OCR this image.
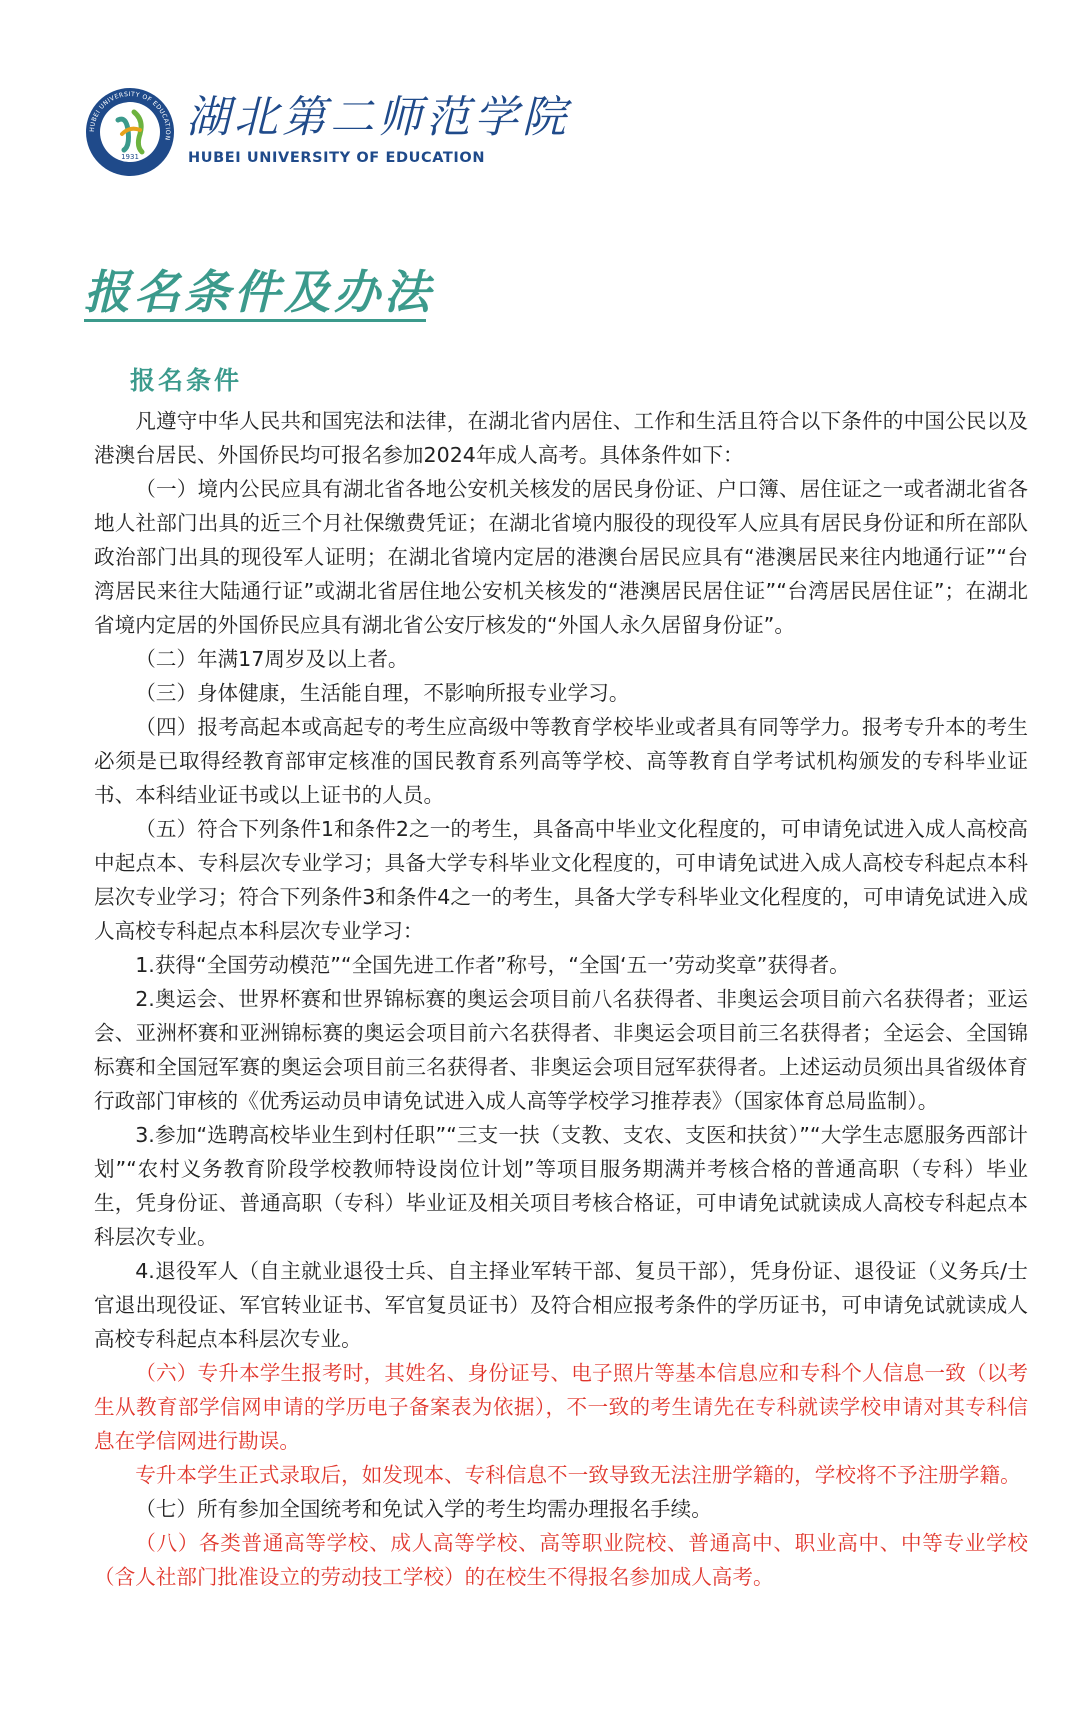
HUBEI UNIVERSITY OF EDUCATION
1931
湖北第二师范学院
HUBEI UNIVERSITY OF EDUCATION
报名条件及办法
报名条件

凡遵守中华人民共和国宪法和法律，在湖北省内居住、工作和生活且符合以下条件的中国公民以及港澳台居民、外国侨民均可报名参加2024年成人高考。具体条件如下：

（一）境内公民应具有湖北省各地公安机关核发的居民身份证、户口簿、居住证之一或者湖北省各地人社部门出具的近三个月社保缴费凭证；在湖北省境内服役的现役军人应具有居民身份证和所在部队政治部门出具的现役军人证明；在湖北省境内定居的港澳台居民应具有“港澳居民来往内地通行证”“台湾居民来往大陆通行证”或湖北省居住地公安机关核发的“港澳居民居住证”“台湾居民居住证”；在湖北省境内定居的外国侨民应具有湖北省公安厅核发的“外国人永久居留身份证”。

（二）年满17周岁及以上者。

（三）身体健康，生活能自理，不影响所报专业学习。

（四）报考高起本或高起专的考生应高级中等教育学校毕业或者具有同等学力。报考专升本的考生必须是已取得经教育部审定核准的国民教育系列高等学校、高等教育自学考试机构颁发的专科毕业证书、本科结业证书或以上证书的人员。

（五）符合下列条件1和条件2之一的考生，具备高中毕业文化程度的，可申请免试进入成人高校高中起点本、专科层次专业学习；具备大学专科毕业文化程度的，可申请免试进入成人高校专科起点本科层次专业学习；符合下列条件3和条件4之一的考生，具备大学专科毕业文化程度的，可申请免试进入成人高校专科起点本科层次专业学习：

1.获得“全国劳动模范”“全国先进工作者”称号，“全国‘五一’劳动奖章”获得者。

2.奥运会、世界杯赛和世界锦标赛的奥运会项目前八名获得者、非奥运会项目前六名获得者；亚运会、亚洲杯赛和亚洲锦标赛的奥运会项目前六名获得者、非奥运会项目前三名获得者；全运会、全国锦标赛和全国冠军赛的奥运会项目前三名获得者、非奥运会项目冠军获得者。上述运动员须出具省级体育行政部门审核的《优秀运动员申请免试进入成人高等学校学习推荐表》（国家体育总局监制）。

3.参加“选聘高校毕业生到村任职”“三支一扶（支教、支农、支医和扶贫）”“大学生志愿服务西部计划”“农村义务教育阶段学校教师特设岗位计划”等项目服务期满并考核合格的普通高职（专科）毕业生，凭身份证、普通高职（专科）毕业证及相关项目考核合格证，可申请免试就读成人高校专科起点本科层次专业。

4.退役军人（自主就业退役士兵、自主择业军转干部、复员干部），凭身份证、退役证（义务兵/士官退出现役证、军官转业证书、军官复员证书）及符合相应报考条件的学历证书，可申请免试就读成人高校专科起点本科层次专业。

（六）专升本学生报考时，其姓名、身份证号、电子照片等基本信息应和专科个人信息一致（以考生从教育部学信网申请的学历电子备案表为依据），不一致的考生请先在专科就读学校申请对其专科信息在学信网进行勘误。

专升本学生正式录取后，如发现本、专科信息不一致导致无法注册学籍的，学校将不予注册学籍。

（七）所有参加全国统考和免试入学的考生均需办理报名手续。

（八）各类普通高等学校、成人高等学校、高等职业院校、普通高中、职业高中、中等专业学校（含人社部门批准设立的劳动技工学校）的在校生不得报名参加成人高考。
